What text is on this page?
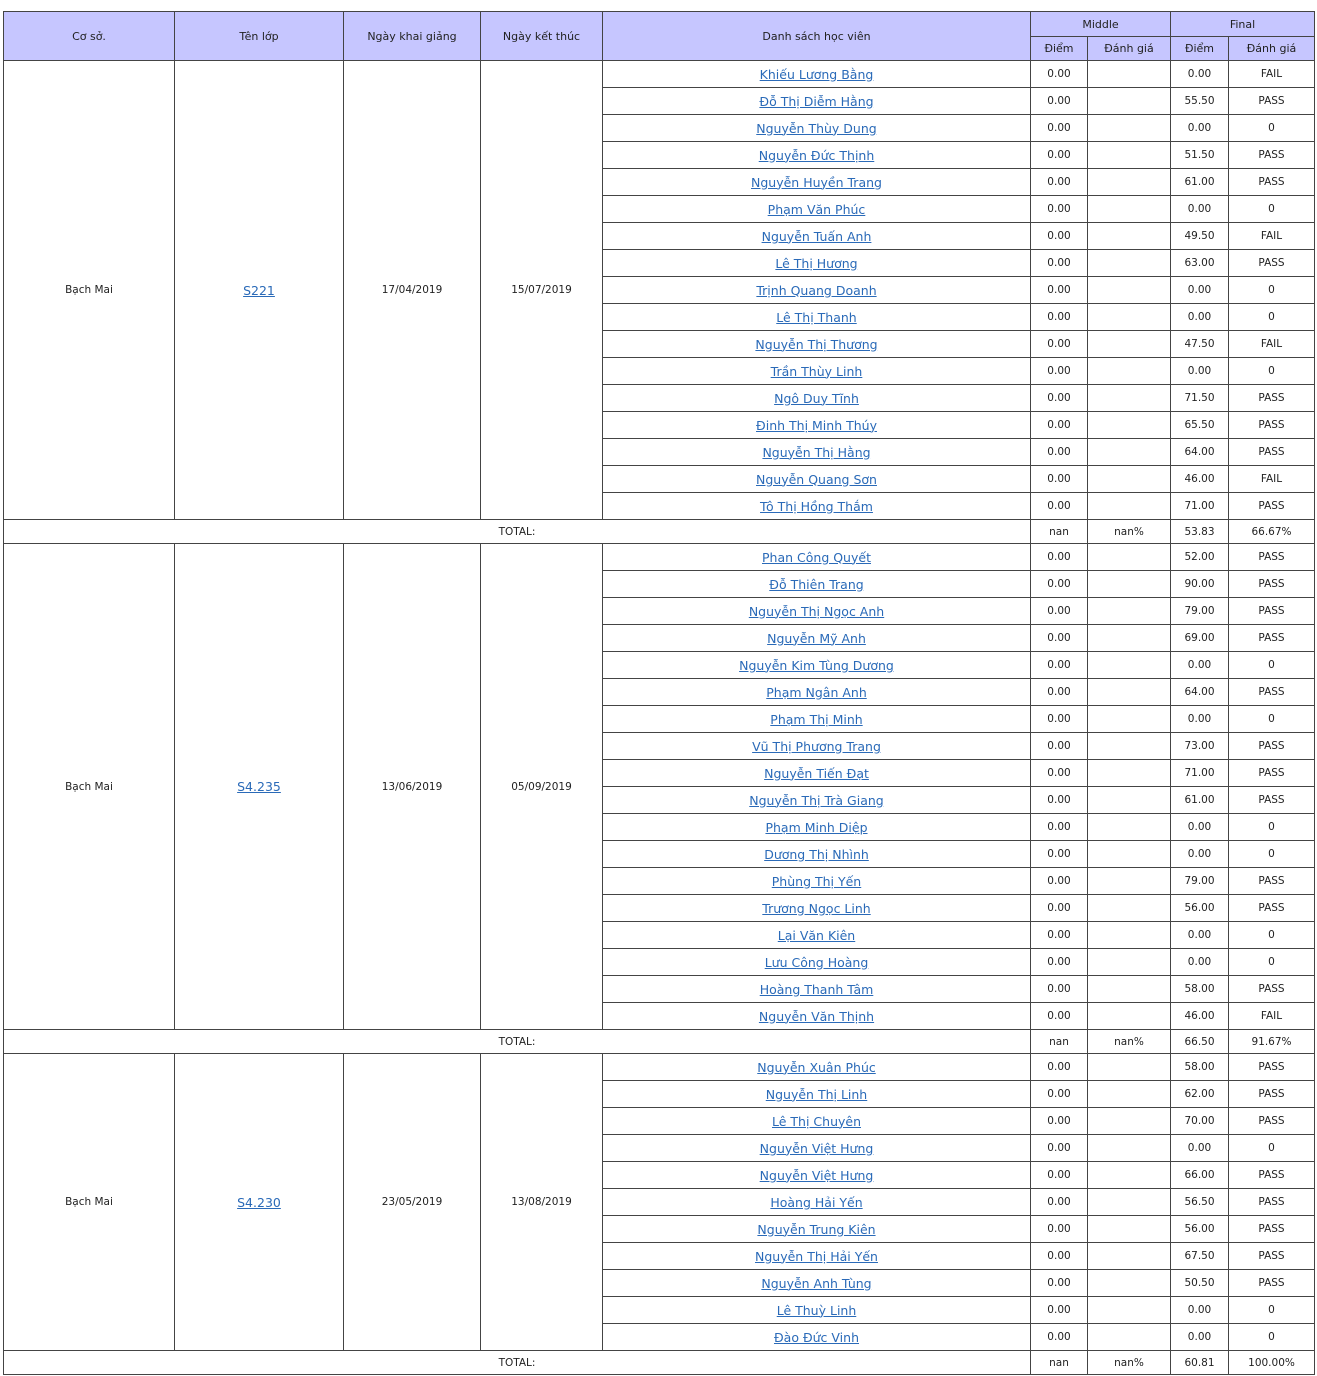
Cơ sở.	Tên lớp	Ngày khai giảng	Ngày kết thúc	Danh sách học viên	Middle		Final	
					Điểm	Đánh giá	Điểm	Đánh giá
Bạch Mai	S221	17/04/2019	15/07/2019	Khiếu Lương Bằng	0.00		0.00	FAIL
				Đỗ Thị Diễm Hằng	0.00		55.50	PASS
				Nguyễn Thùy Dung	0.00		0.00	0
				Nguyễn Đức Thịnh	0.00		51.50	PASS
				Nguyễn Huyền Trang	0.00		61.00	PASS
				Phạm Văn Phúc	0.00		0.00	0
				Nguyễn Tuấn Anh	0.00		49.50	FAIL
				Lê Thị Hương	0.00		63.00	PASS
				Trịnh Quang Doanh	0.00		0.00	0
				Lê Thị Thanh	0.00		0.00	0
				Nguyễn Thị Thương	0.00		47.50	FAIL
				Trần Thùy Linh	0.00		0.00	0
				Ngô Duy Tĩnh	0.00		71.50	PASS
				Đinh Thị Minh Thúy	0.00		65.50	PASS
				Nguyễn Thị Hằng	0.00		64.00	PASS
				Nguyễn Quang Sơn	0.00		46.00	FAIL
				Tô Thị Hồng Thắm	0.00		71.00	PASS
TOTAL:					nan	nan%	53.83	66.67%
Bạch Mai	S4.235	13/06/2019	05/09/2019	Phan Công Quyết	0.00		52.00	PASS
				Đỗ Thiên Trang	0.00		90.00	PASS
				Nguyễn Thị Ngọc Anh	0.00		79.00	PASS
				Nguyễn Mỹ Anh	0.00		69.00	PASS
				Nguyễn Kim Tùng Dương	0.00		0.00	0
				Phạm Ngân Anh	0.00		64.00	PASS
				Phạm Thị Minh	0.00		0.00	0
				Vũ Thị Phương Trang	0.00		73.00	PASS
				Nguyễn Tiến Đạt	0.00		71.00	PASS
				Nguyễn Thị Trà Giang	0.00		61.00	PASS
				Phạm Minh Diệp	0.00		0.00	0
				Dương Thị Nhình	0.00		0.00	0
				Phùng Thị Yến	0.00		79.00	PASS
				Trương Ngọc Linh	0.00		56.00	PASS
				Lại Văn Kiên	0.00		0.00	0
				Lưu Công Hoàng	0.00		0.00	0
				Hoàng Thanh Tâm	0.00		58.00	PASS
				Nguyễn Văn Thịnh	0.00		46.00	FAIL
TOTAL:					nan	nan%	66.50	91.67%
Bạch Mai	S4.230	23/05/2019	13/08/2019	Nguyễn Xuân Phúc	0.00		58.00	PASS
				Nguyễn Thị Linh	0.00		62.00	PASS
				Lê Thị Chuyên	0.00		70.00	PASS
				Nguyễn Việt Hưng	0.00		0.00	0
				Nguyễn Việt Hưng	0.00		66.00	PASS
				Hoàng Hải Yến	0.00		56.50	PASS
				Nguyễn Trung Kiên	0.00		56.00	PASS
				Nguyễn Thị Hải Yến	0.00		67.50	PASS
				Nguyễn Anh Tùng	0.00		50.50	PASS
				Lê Thuỳ Linh	0.00		0.00	0
				Đào Đức Vinh	0.00		0.00	0
TOTAL:					nan	nan%	60.81	100.00%
